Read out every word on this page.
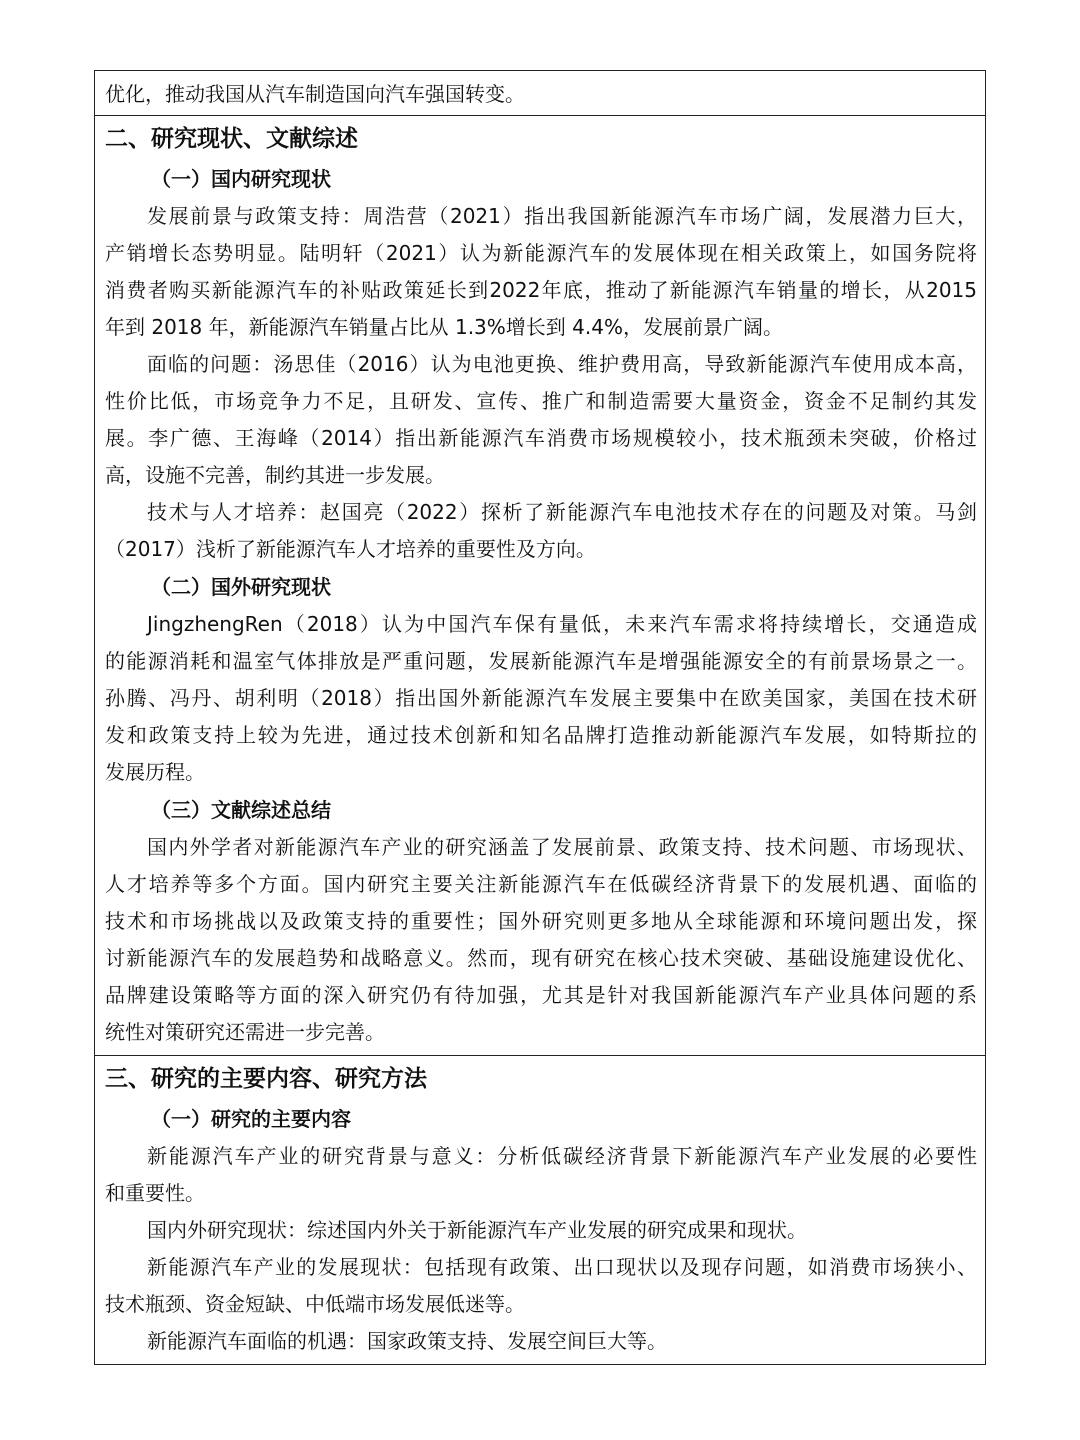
优化，推动我国从汽车制造国向汽车强国转变。
二、研究现状、文献综述
（一）国内研究现状
发展前景与政策支持：周浩营（2021）指出我国新能源汽车市场广阔，发展潜力巨大，
产销增长态势明显。陆明轩（2021）认为新能源汽车的发展体现在相关政策上，如国务院将
消费者购买新能源汽车的补贴政策延长到2022年底，推动了新能源汽车销量的增长，从2015
年到 2018 年，新能源汽车销量占比从 1.3%增长到 4.4%，发展前景广阔。
面临的问题：汤思佳（2016）认为电池更换、维护费用高，导致新能源汽车使用成本高，
性价比低，市场竞争力不足，且研发、宣传、推广和制造需要大量资金，资金不足制约其发
展。李广德、王海峰（2014）指出新能源汽车消费市场规模较小，技术瓶颈未突破，价格过
高，设施不完善，制约其进一步发展。
技术与人才培养：赵国亮（2022）探析了新能源汽车电池技术存在的问题及对策。马剑
（2017）浅析了新能源汽车人才培养的重要性及方向。
（二）国外研究现状
JingzhengRen（2018）认为中国汽车保有量低，未来汽车需求将持续增长，交通造成
的能源消耗和温室气体排放是严重问题，发展新能源汽车是增强能源安全的有前景场景之一。
孙腾、冯丹、胡利明（2018）指出国外新能源汽车发展主要集中在欧美国家，美国在技术研
发和政策支持上较为先进，通过技术创新和知名品牌打造推动新能源汽车发展，如特斯拉的
发展历程。
（三）文献综述总结
国内外学者对新能源汽车产业的研究涵盖了发展前景、政策支持、技术问题、市场现状、
人才培养等多个方面。国内研究主要关注新能源汽车在低碳经济背景下的发展机遇、面临的
技术和市场挑战以及政策支持的重要性；国外研究则更多地从全球能源和环境问题出发，探
讨新能源汽车的发展趋势和战略意义。然而，现有研究在核心技术突破、基础设施建设优化、
品牌建设策略等方面的深入研究仍有待加强，尤其是针对我国新能源汽车产业具体问题的系
统性对策研究还需进一步完善。
三、研究的主要内容、研究方法
（一）研究的主要内容
新能源汽车产业的研究背景与意义：分析低碳经济背景下新能源汽车产业发展的必要性
和重要性。
国内外研究现状：综述国内外关于新能源汽车产业发展的研究成果和现状。
新能源汽车产业的发展现状：包括现有政策、出口现状以及现存问题，如消费市场狭小、
技术瓶颈、资金短缺、中低端市场发展低迷等。
新能源汽车面临的机遇：国家政策支持、发展空间巨大等。
